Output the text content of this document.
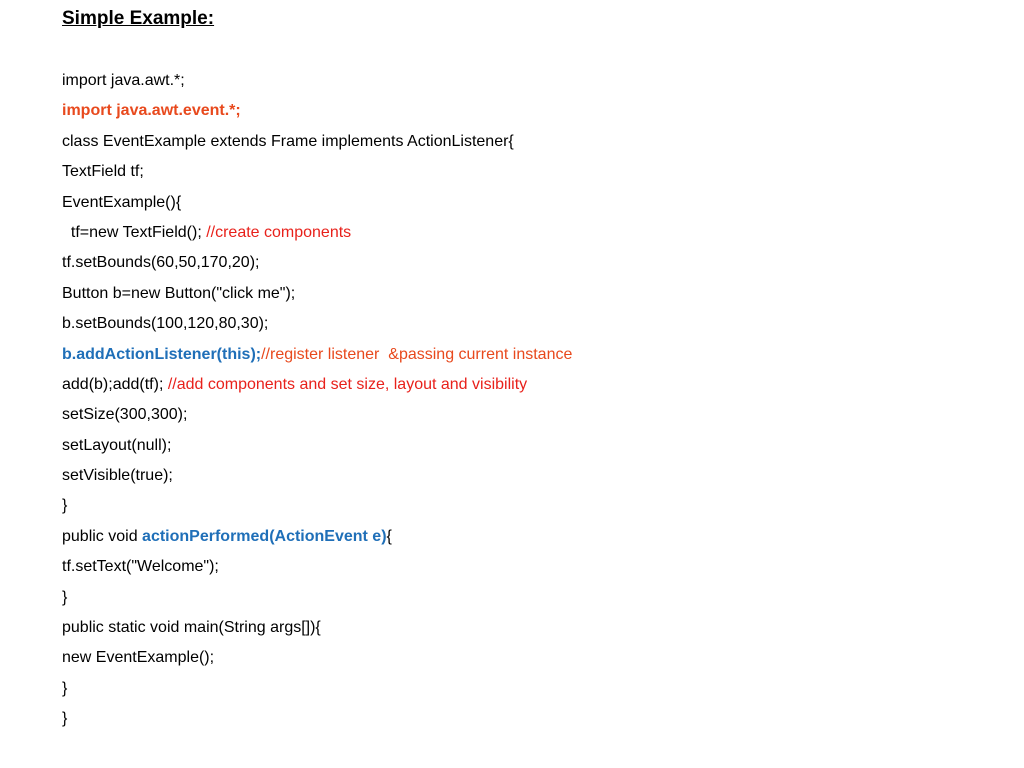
Simple Example:
import java.awt.*;
import java.awt.event.*;
class EventExample extends Frame implements ActionListener{
TextField tf;
EventExample(){
tf=new TextField(); //create components
tf.setBounds(60,50,170,20);
Button b=new Button("click me");
b.setBounds(100,120,80,30);
b.addActionListener(this);//register listener  &passing current instance
add(b);add(tf); //add components and set size, layout and visibility
setSize(300,300);
setLayout(null);
setVisible(true);
}
public void actionPerformed(ActionEvent e){
tf.setText("Welcome");
}
public static void main(String args[]){
new EventExample();
}
}
